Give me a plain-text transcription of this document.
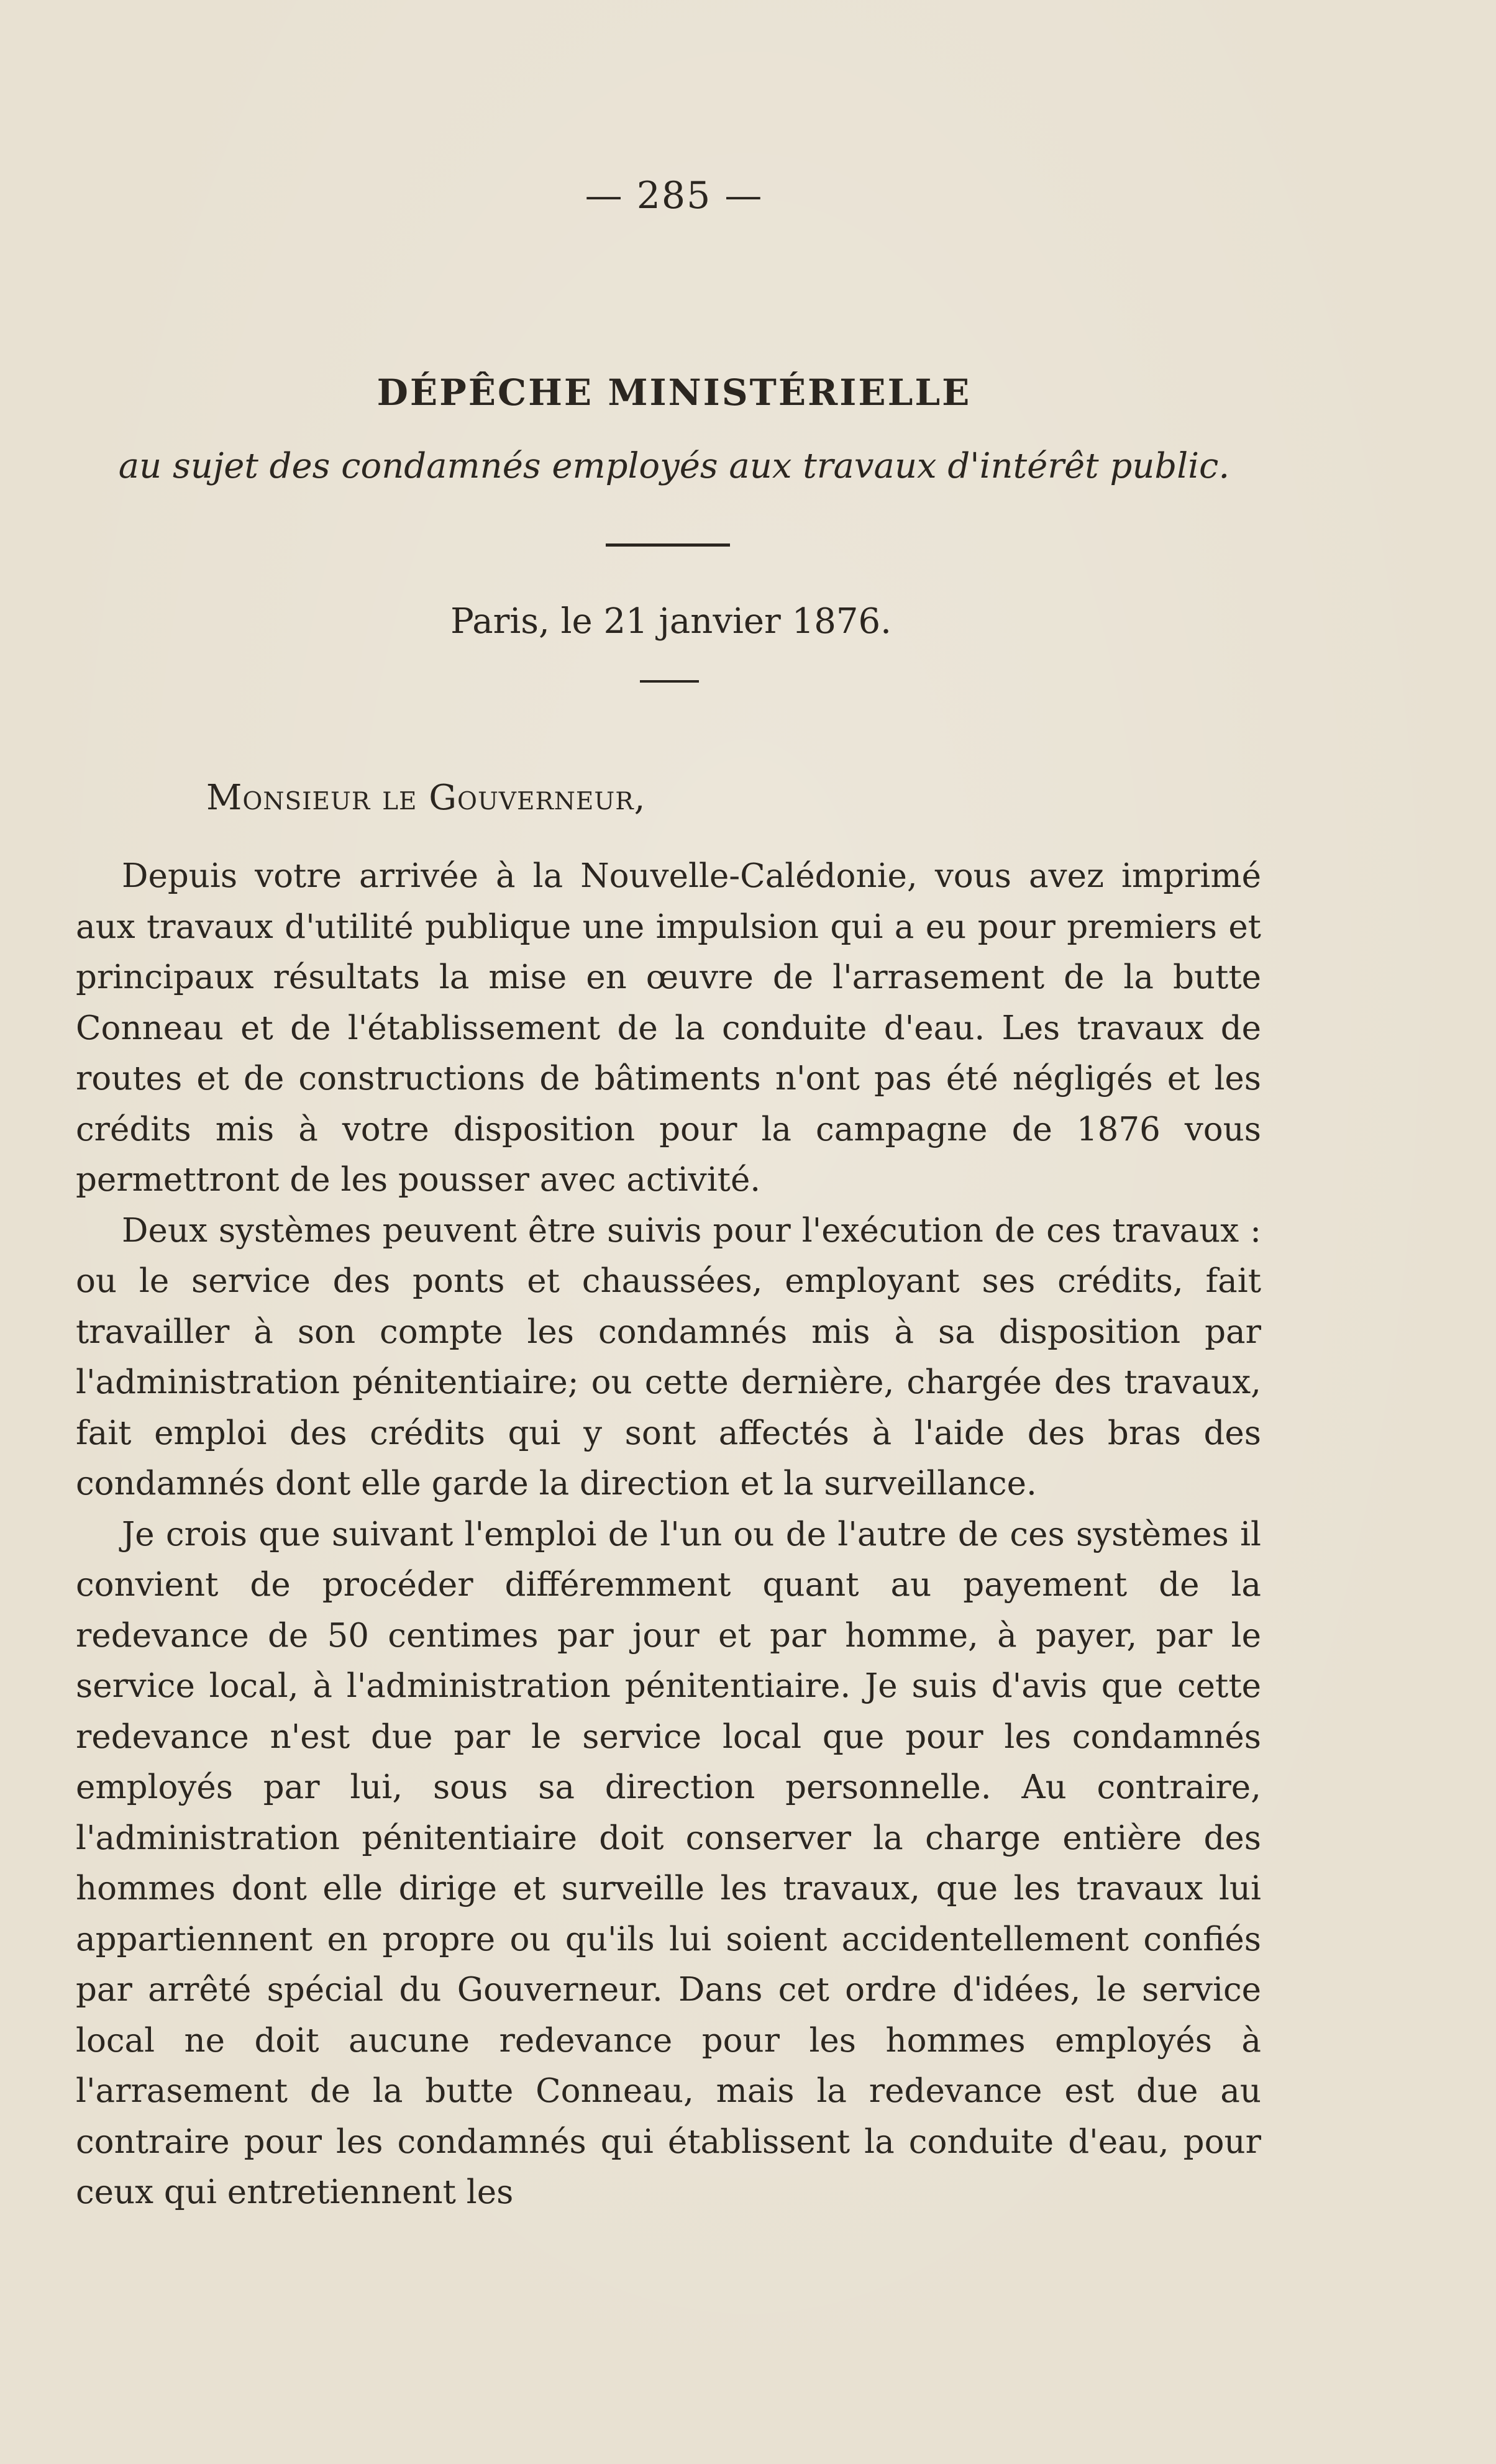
— 285 —
DÉPÊCHE MINISTÉRIELLE
au sujet des condamnés employés aux travaux d'intérêt public.
Paris, le 21 janvier 1876.
Monsieur le Gouverneur,

Depuis votre arrivée à la Nouvelle-Calédonie, vous avez imprimé aux travaux d'utilité publique une impulsion qui a eu pour premiers et principaux résultats la mise en œuvre de l'arrasement de la butte Conneau et de l'établissement de la conduite d'eau. Les travaux de routes et de constructions de bâtiments n'ont pas été négligés et les crédits mis à votre disposition pour la campagne de 1876 vous permettront de les pousser avec activité.

Deux systèmes peuvent être suivis pour l'exécution de ces travaux : ou le service des ponts et chaussées, employant ses crédits, fait travailler à son compte les condamnés mis à sa disposition par l'administration pénitentiaire; ou cette dernière, chargée des travaux, fait emploi des crédits qui y sont affectés à l'aide des bras des condamnés dont elle garde la direction et la surveillance.

Je crois que suivant l'emploi de l'un ou de l'autre de ces systèmes il convient de procéder différemment quant au payement de la redevance de 50 centimes par jour et par homme, à payer, par le service local, à l'administration pénitentiaire. Je suis d'avis que cette redevance n'est due par le service local que pour les condamnés employés par lui, sous sa direction personnelle. Au contraire, l'administration pénitentiaire doit conserver la charge entière des hommes dont elle dirige et surveille les travaux, que les travaux lui appartiennent en propre ou qu'ils lui soient accidentellement confiés par arrêté spécial du Gouverneur. Dans cet ordre d'idées, le service local ne doit aucune redevance pour les hommes employés à l'arrasement de la butte Conneau, mais la redevance est due au contraire pour les condamnés qui établissent la conduite d'eau, pour ceux qui entretiennent les
